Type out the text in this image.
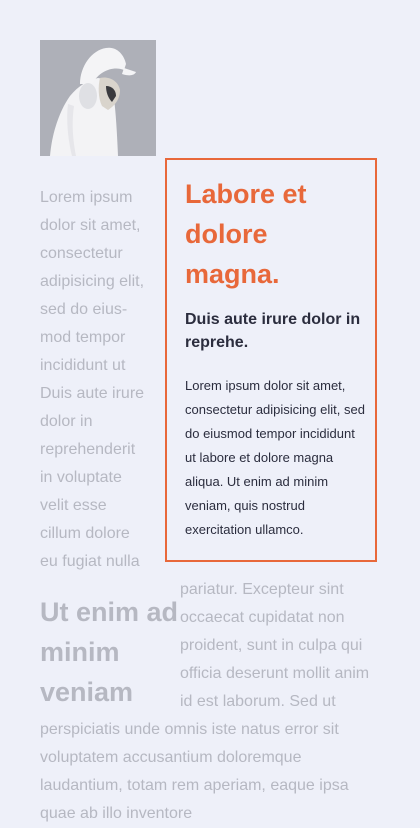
Labore et dolore magna.
Duis aute irure dolor in reprehe.

Lorem ipsum dolor sit amet, consectetur adipisicing elit, sed do eiusmod tempor incididunt ut labore et dolore magna aliqua. Ut enim ad minim veniam, quis nostrud exercitation ullamco.

Ut enim ad minim veniam

Lorem ipsum dolor sit amet, consectetur adipisicing elit, sed do eiusmod tempor incididunt ut Duis aute irure dolor in reprehenderit in voluptate velit esse cillum dolore eu fugiat nulla pariatur. Excepteur sint occaecat cupidatat non proident, sunt in culpa qui officia deserunt mollit anim id est laborum. Sed ut perspiciatis unde omnis iste natus error sit voluptatem accusantium doloremque laudantium, totam rem aperiam, eaque ipsa quae ab illo inventore
